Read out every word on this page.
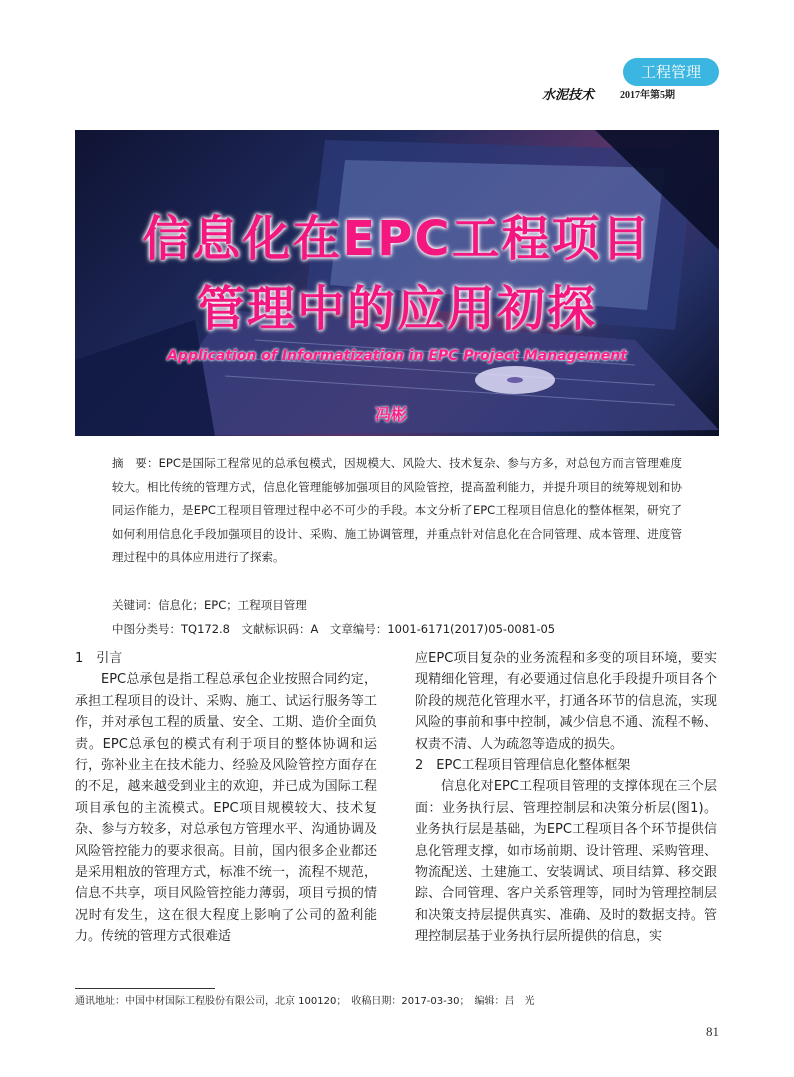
工程管理
水泥技术	2017年第5期
信息化在EPC工程项目
管理中的应用初探
Application of Informatization in EPC Project Management
冯彬
摘　要：EPC是国际工程常见的总承包模式，因规模大、风险大、技术复杂、参与方多，对总包方而言管理难度较大。相比传统的管理方式，信息化管理能够加强项目的风险管控，提高盈利能力，并提升项目的统筹规划和协同运作能力，是EPC工程项目管理过程中必不可少的手段。本文分析了EPC工程项目信息化的整体框架，研究了如何利用信息化手段加强项目的设计、采购、施工协调管理，并重点针对信息化在合同管理、成本管理、进度管理过程中的具体应用进行了探索。
关键词：信息化；EPC；工程项目管理
中图分类号：TQ172.8　文献标识码：A　文章编号：1001-6171(2017)05-0081-05

1　引言

EPC总承包是指工程总承包企业按照合同约定，承担工程项目的设计、采购、施工、试运行服务等工作，并对承包工程的质量、安全、工期、造价全面负责。EPC总承包的模式有利于项目的整体协调和运行，弥补业主在技术能力、经验及风险管控方面存在的不足，越来越受到业主的欢迎，并已成为国际工程项目承包的主流模式。EPC项目规模较大、技术复杂、参与方较多，对总承包方管理水平、沟通协调及风险管控能力的要求很高。目前，国内很多企业都还是采用粗放的管理方式，标准不统一，流程不规范，信息不共享，项目风险管控能力薄弱，项目亏损的情况时有发生，这在很大程度上影响了公司的盈利能力。传统的管理方式很难适

应EPC项目复杂的业务流程和多变的项目环境，要实现精细化管理，有必要通过信息化手段提升项目各个阶段的规范化管理水平，打通各环节的信息流，实现风险的事前和事中控制，减少信息不通、流程不畅、权责不清、人为疏忽等造成的损失。

2　EPC工程项目管理信息化整体框架

信息化对EPC工程项目管理的支撑体现在三个层面：业务执行层、管理控制层和决策分析层(图1)。业务执行层是基础，为EPC工程项目各个环节提供信息化管理支撑，如市场前期、设计管理、采购管理、物流配送、土建施工、安装调试、项目结算、移交跟踪、合同管理、客户关系管理等，同时为管理控制层和决策支持层提供真实、准确、及时的数据支持。管理控制层基于业务执行层所提供的信息，实

通讯地址：中国中材国际工程股份有限公司，北京 100120；　收稿日期：2017-03-30；　编辑：吕　光
81
